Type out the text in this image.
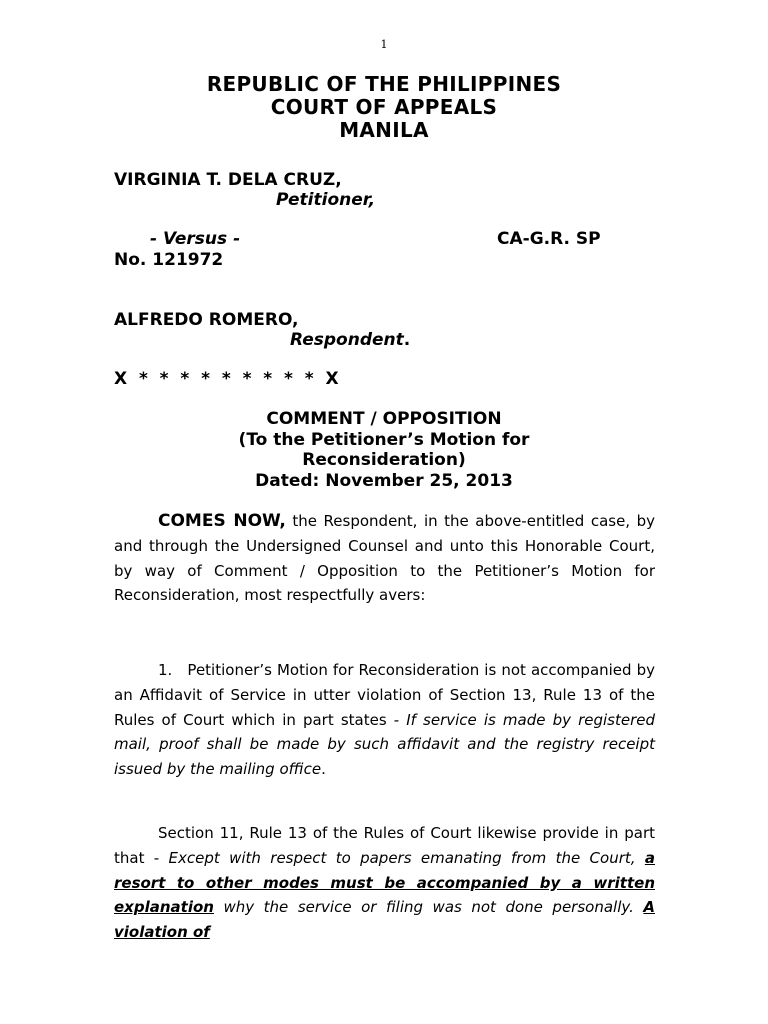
1
REPUBLIC OF THE PHILIPPINES
COURT OF APPEALS
MANILA
VIRGINIA T. DELA CRUZ,
Petitioner,
- Versus -	CA-G.R. SP
No. 121972
ALFREDO ROMERO,
Respondent.
X  *  *  *  *  *  *  *  *  *  X
COMMENT / OPPOSITION
(To the Petitioner’s Motion for
Reconsideration)
Dated: November 25, 2013
COMES NOW, the Respondent, in the above-entitled case, by and through the Undersigned Counsel and unto this Honorable Court, by way of Comment / Opposition to the Petitioner’s Motion for Reconsideration, most respectfully avers:
1.   Petitioner’s Motion for Reconsideration is not accompanied by an Affidavit of Service in utter violation of Section 13, Rule 13 of the Rules of Court which in part states - If service is made by registered mail, proof shall be made by such affidavit and the registry receipt issued by the mailing office.
Section 11, Rule 13 of the Rules of Court likewise provide in part that - Except with respect to papers emanating from the Court, a resort to other modes must be accompanied by a written explanation why the service or filing was not done personally. A violation of
